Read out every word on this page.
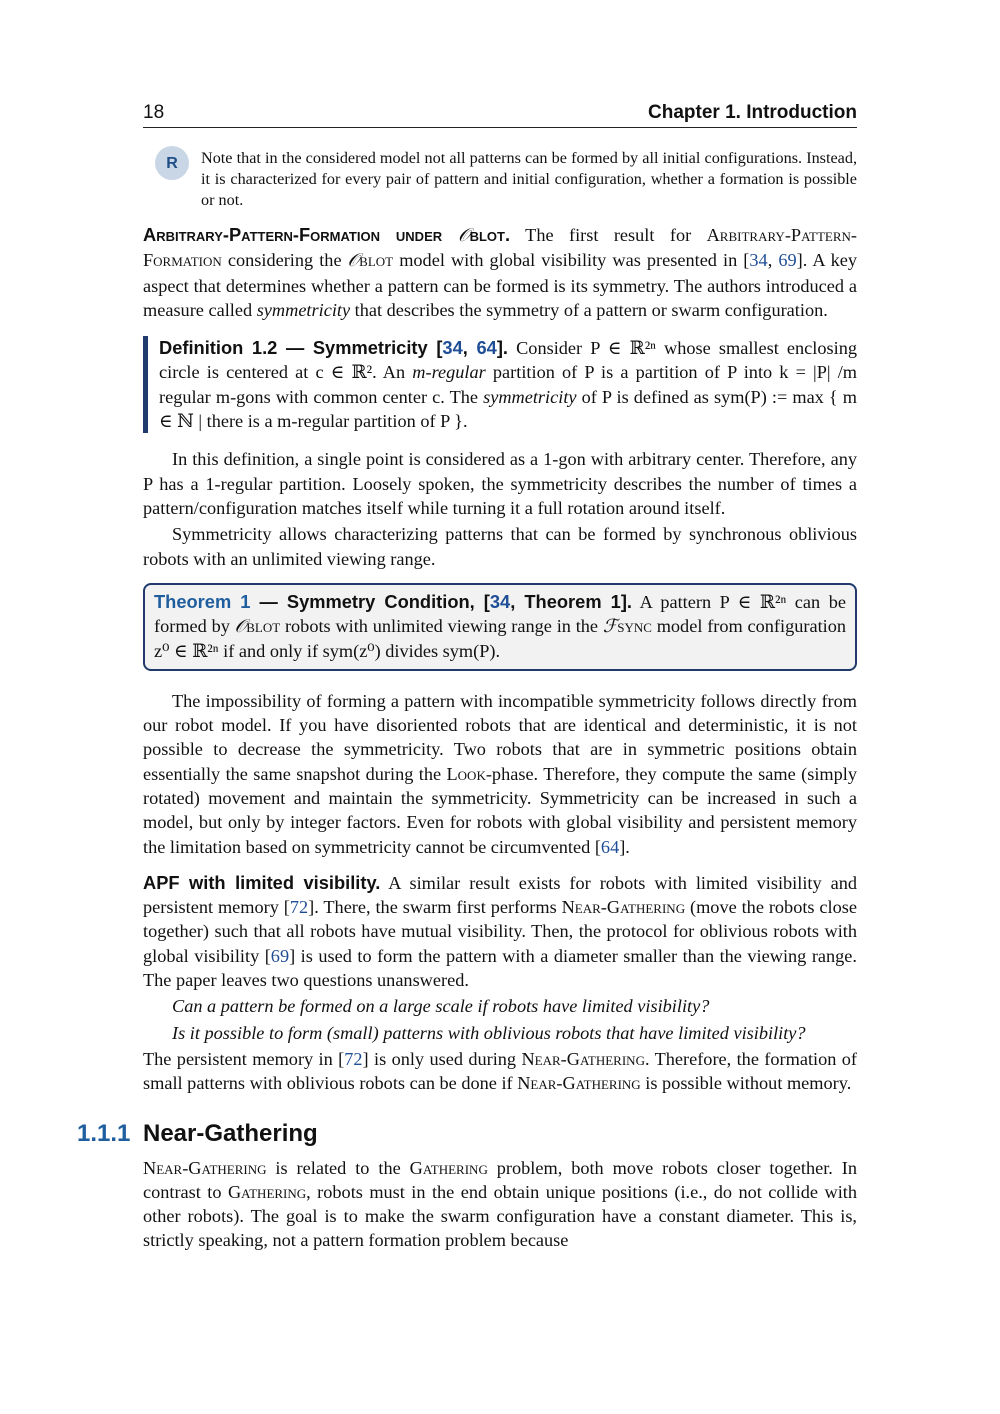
18	Chapter 1. Introduction
R	Note that in the considered model not all patterns can be formed by all initial configurations. Instead, it is characterized for every pair of pattern and initial configuration, whether a formation is possible or not.

Arbitrary-Pattern-Formation under 𝒪blot. The first result for Arbitrary-Pattern-Formation considering the 𝒪blot model with global visibility was presented in [34, 69]. A key aspect that determines whether a pattern can be formed is its symmetry. The authors introduced a measure called symmetricity that describes the symmetry of a pattern or swarm configuration.

Definition 1.2 — Symmetricity [34, 64]. Consider P ∈ ℝ²ⁿ whose smallest enclosing circle is centered at c ∈ ℝ². An m-regular partition of P is a partition of P into k = |P| /m regular m-gons with common center c. The symmetricity of P is defined as sym(P) := max { m ∈ ℕ | there is a m-regular partition of P }.

In this definition, a single point is considered as a 1-gon with arbitrary center. Therefore, any P has a 1-regular partition. Loosely spoken, the symmetricity describes the number of times a pattern/configuration matches itself while turning it a full rotation around itself.

Symmetricity allows characterizing patterns that can be formed by synchronous oblivious robots with an unlimited viewing range.

Theorem 1 — Symmetry Condition, [34, Theorem 1]. A pattern P ∈ ℝ²ⁿ can be formed by 𝒪blot robots with unlimited viewing range in the ℱsync model from configuration z⁰ ∈ ℝ²ⁿ if and only if sym(z⁰) divides sym(P).

The impossibility of forming a pattern with incompatible symmetricity follows directly from our robot model. If you have disoriented robots that are identical and deterministic, it is not possible to decrease the symmetricity. Two robots that are in symmetric positions obtain essentially the same snapshot during the Look-phase. Therefore, they compute the same (simply rotated) movement and maintain the symmetricity. Symmetricity can be increased in such a model, but only by integer factors. Even for robots with global visibility and persistent memory the limitation based on symmetricity cannot be circumvented [64].

APF with limited visibility. A similar result exists for robots with limited visibility and persistent memory [72]. There, the swarm first performs Near-Gathering (move the robots close together) such that all robots have mutual visibility. Then, the protocol for oblivious robots with global visibility [69] is used to form the pattern with a diameter smaller than the viewing range. The paper leaves two questions unanswered.

Can a pattern be formed on a large scale if robots have limited visibility?

Is it possible to form (small) patterns with oblivious robots that have limited visibility?

The persistent memory in [72] is only used during Near-Gathering. Therefore, the formation of small patterns with oblivious robots can be done if Near-Gathering is possible without memory.

1.1.1 Near-Gathering

Near-Gathering is related to the Gathering problem, both move robots closer together. In contrast to Gathering, robots must in the end obtain unique positions (i.e., do not collide with other robots). The goal is to make the swarm configuration have a constant diameter. This is, strictly speaking, not a pattern formation problem because
